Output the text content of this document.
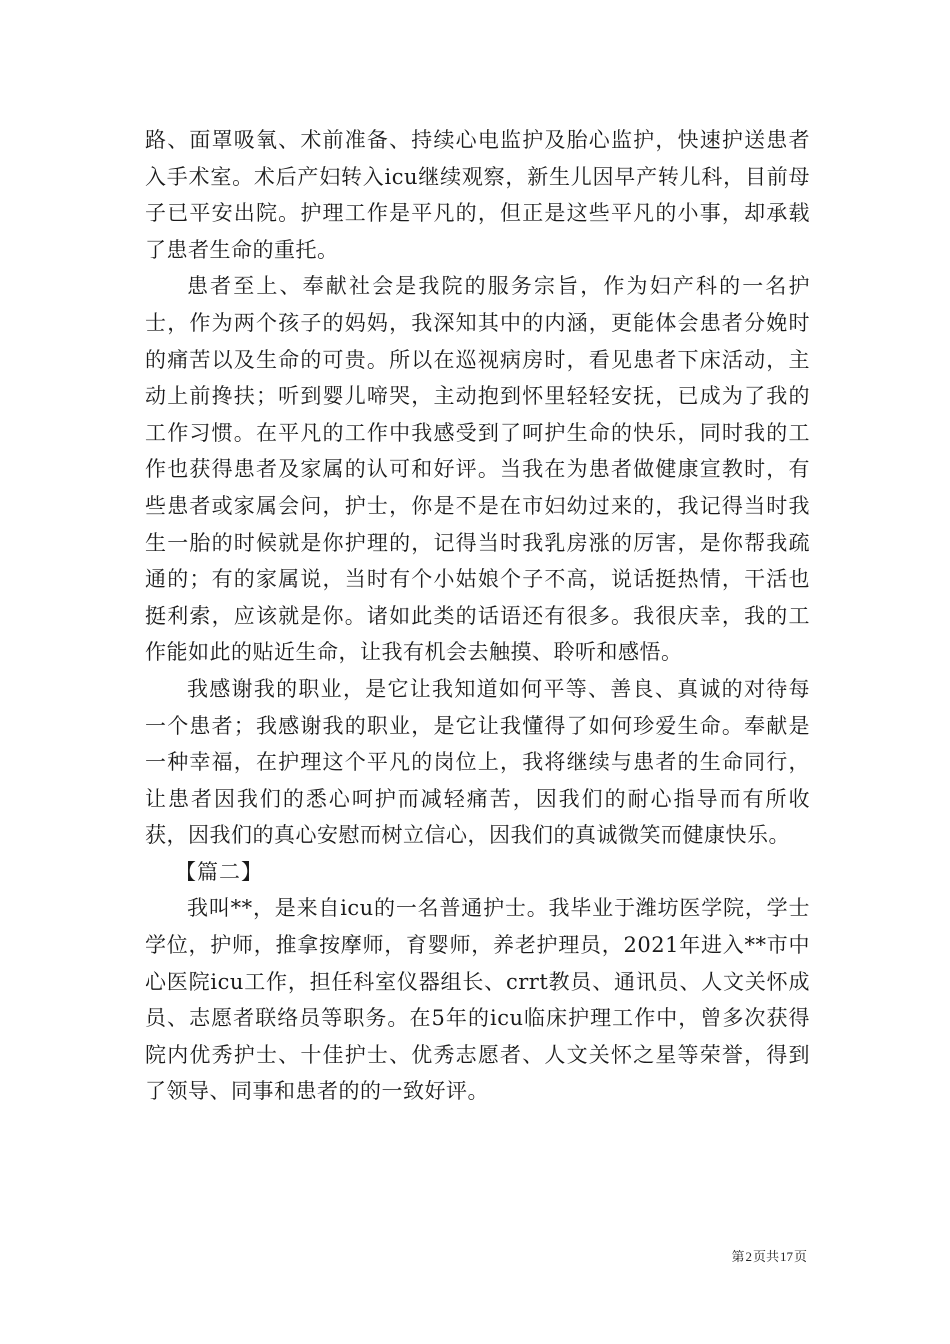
路、面罩吸氧、术前准备、持续心电监护及胎心监护，快速护送患者入手术室。术后产妇转入icu继续观察，新生儿因早产转儿科，目前母子已平安出院。护理工作是平凡的，但正是这些平凡的小事，却承载了患者生命的重托。

患者至上、奉献社会是我院的服务宗旨，作为妇产科的一名护士，作为两个孩子的妈妈，我深知其中的内涵，更能体会患者分娩时的痛苦以及生命的可贵。所以在巡视病房时，看见患者下床活动，主动上前搀扶；听到婴儿啼哭，主动抱到怀里轻轻安抚，已成为了我的工作习惯。在平凡的工作中我感受到了呵护生命的快乐，同时我的工作也获得患者及家属的认可和好评。当我在为患者做健康宣教时，有些患者或家属会问，护士，你是不是在市妇幼过来的，我记得当时我生一胎的时候就是你护理的，记得当时我乳房涨的厉害，是你帮我疏通的；有的家属说，当时有个小姑娘个子不高，说话挺热情，干活也挺利索，应该就是你。诸如此类的话语还有很多。我很庆幸，我的工作能如此的贴近生命，让我有机会去触摸、聆听和感悟。

我感谢我的职业，是它让我知道如何平等、善良、真诚的对待每一个患者；我感谢我的职业，是它让我懂得了如何珍爱生命。奉献是一种幸福，在护理这个平凡的岗位上，我将继续与患者的生命同行，让患者因我们的悉心呵护而减轻痛苦，因我们的耐心指导而有所收获，因我们的真心安慰而树立信心，因我们的真诚微笑而健康快乐。

【篇二】

我叫**，是来自icu的一名普通护士。我毕业于潍坊医学院，学士学位，护师，推拿按摩师，育婴师，养老护理员，2021年进入**市中心医院icu工作，担任科室仪器组长、crrt教员、通讯员、人文关怀成员、志愿者联络员等职务。在5年的icu临床护理工作中，曾多次获得院内优秀护士、十佳护士、优秀志愿者、人文关怀之星等荣誉，得到了领导、同事和患者的的一致好评。

第2页共17页
